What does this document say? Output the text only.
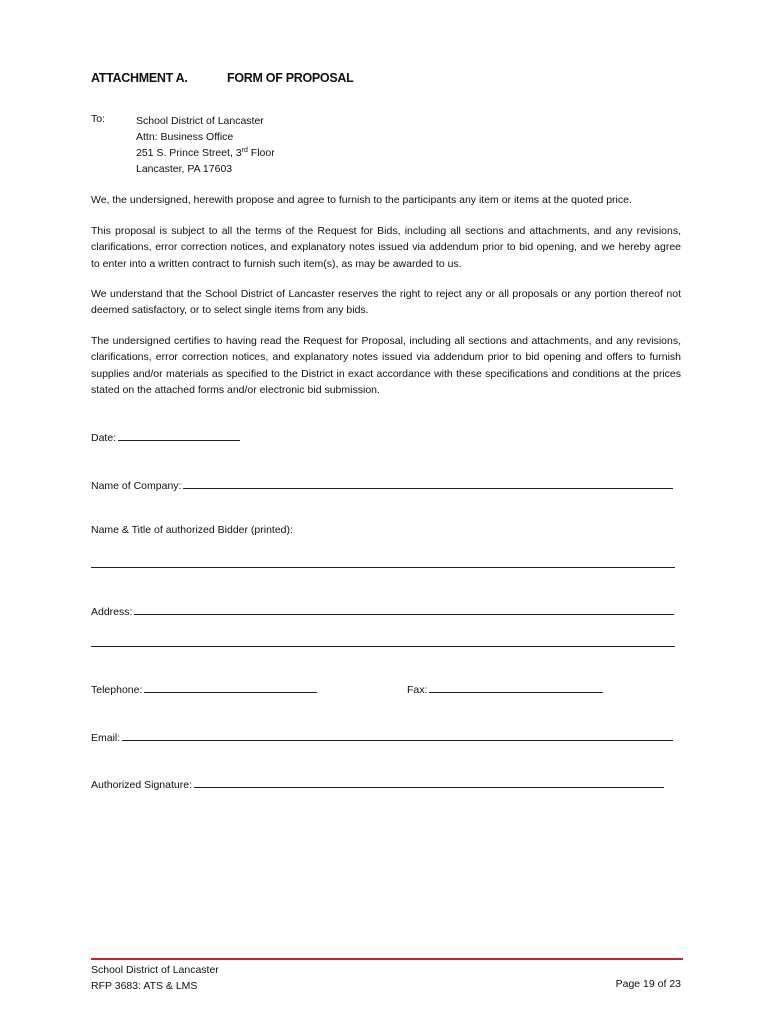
ATTACHMENT A.	FORM OF PROPOSAL
To:	School District of Lancaster
Attn: Business Office
251 S. Prince Street, 3rd Floor
Lancaster, PA 17603
We, the undersigned, herewith propose and agree to furnish to the participants any item or items at the quoted price.
This proposal is subject to all the terms of the Request for Bids, including all sections and attachments, and any revisions, clarifications, error correction notices, and explanatory notes issued via addendum prior to bid opening, and we hereby agree to enter into a written contract to furnish such item(s), as may be awarded to us.
We understand that the School District of Lancaster reserves the right to reject any or all proposals or any portion thereof not deemed satisfactory, or to select single items from any bids.
The undersigned certifies to having read the Request for Proposal, including all sections and attachments, and any revisions, clarifications, error correction notices, and explanatory notes issued via addendum prior to bid opening and offers to furnish supplies and/or materials as specified to the District in exact accordance with these specifications and conditions at the prices stated on the attached forms and/or electronic bid submission.
Date:
Name of Company:
Name & Title of authorized Bidder (printed):
Address:
Telephone:	Fax:
Email:
Authorized Signature:
School District of Lancaster
RFP 3683: ATS & LMS	Page 19 of 23
